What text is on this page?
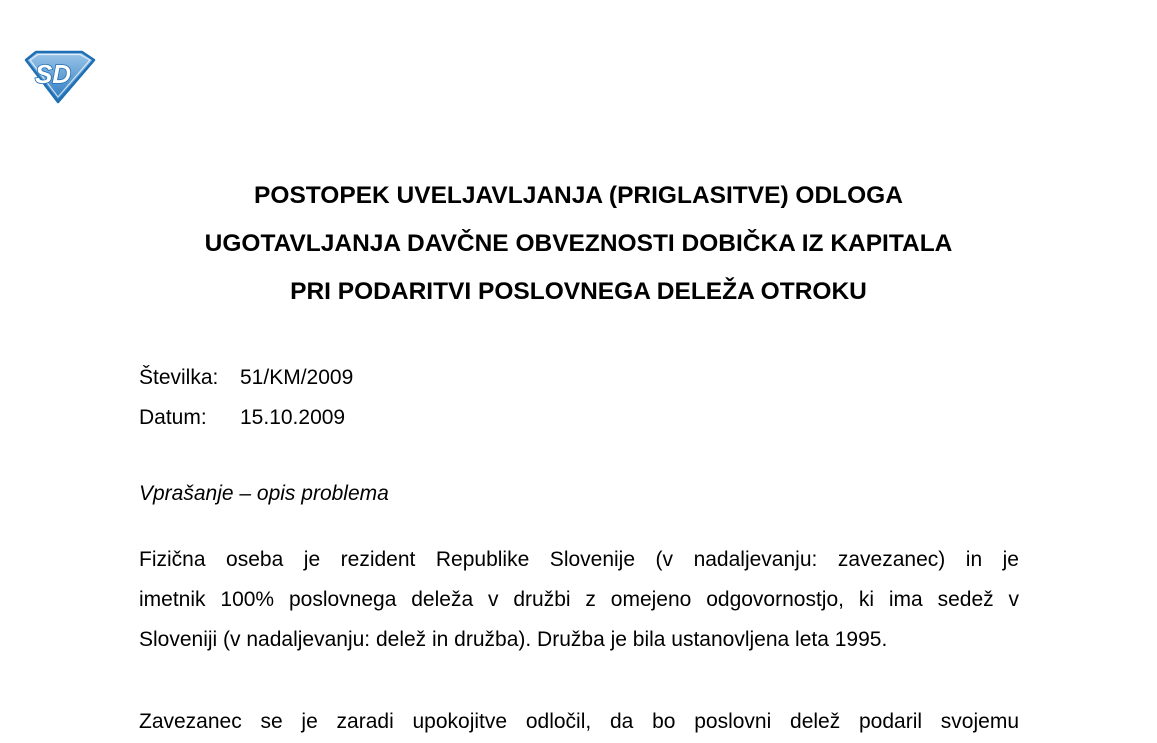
SD
POSTOPEK UVELJAVLJANJA (PRIGLASITVE) ODLOGA
UGOTAVLJANJA DAVČNE OBVEZNOSTI DOBIČKA IZ KAPITALA
PRI PODARITVI POSLOVNEGA DELEŽA OTROKU
Številka:	51/KM/2009
Datum:	15.10.2009
Vprašanje – opis problema
Fizična oseba je rezident Republike Slovenije (v nadaljevanju: zavezanec) in je
imetnik 100% poslovnega deleža v družbi z omejeno odgovornostjo, ki ima sedež v
Sloveniji (v nadaljevanju: delež in družba). Družba je bila ustanovljena leta 1995.
Zavezanec se je zaradi upokojitve odločil, da bo poslovni delež podaril svojemu
